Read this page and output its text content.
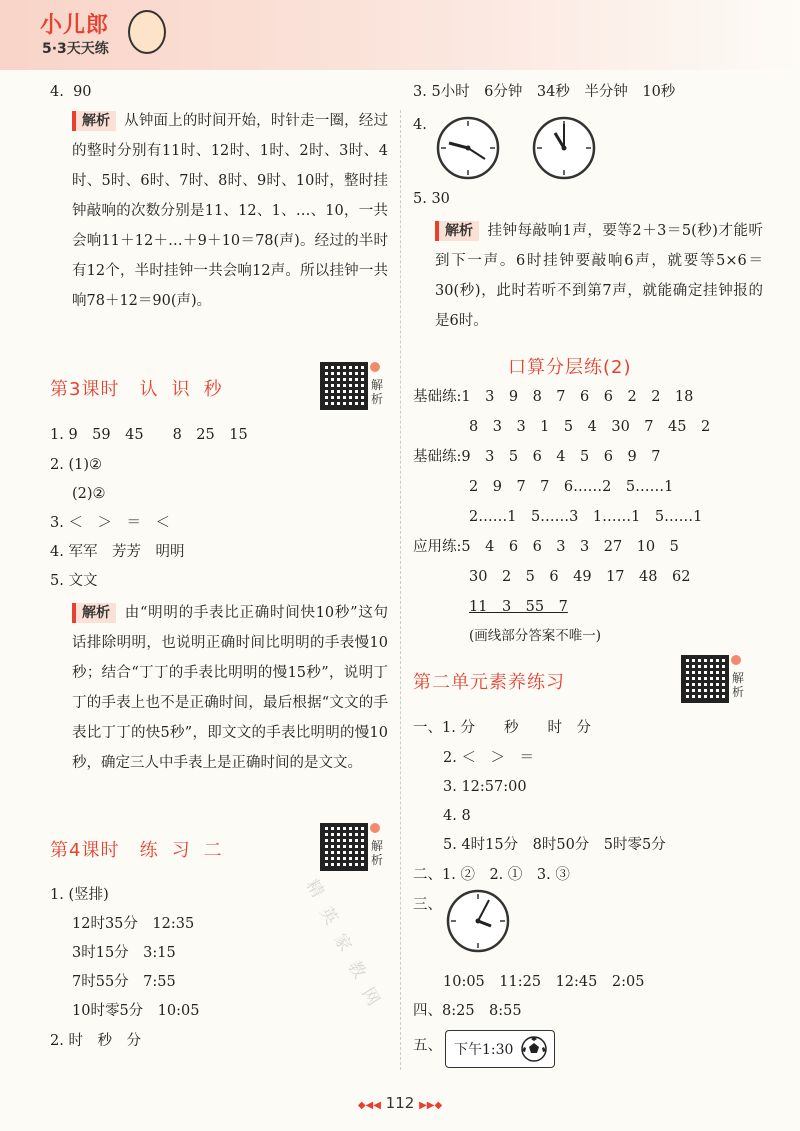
小儿郎
5·3天天练
4. 90
解析 从钟面上的时间开始，时针走一圈，经过的整时分别有11时、12时、1时、2时、3时、4时、5时、6时、7时、8时、9时、10时，整时挂钟敲响的次数分别是11、12、1、…、10，一共会响11＋12＋…＋9＋10＝78(声)。经过的半时有12个，半时挂钟一共会响12声。所以挂钟一共响78＋12＝90(声)。
第3课时 认识秒	解析
1. 9　59　45　　8　25　15
2. (1)②
(2)②
3. ＜　＞　＝　＜
4. 军军　芳芳　明明
5. 文文
解析 由“明明的手表比正确时间快10秒”这句话排除明明，也说明正确时间比明明的手表慢10秒；结合“丁丁的手表比明明的慢15秒”，说明丁丁的手表上也不是正确时间，最后根据“文文的手表比丁丁的快5秒”，即文文的手表比明明的慢10秒，确定三人中手表上是正确时间的是文文。
第4课时 练习二	解析
1. (竖排)
12时35分　12:35
3时15分　3:15
7时55分　7:55
10时零5分　10:05
2. 时　秒　分
3. 5小时　6分钟　34秒　半分钟　10秒
4.
5. 30
解析 挂钟每敲响1声，要等2＋3＝5(秒)才能听到下一声。6时挂钟要敲响6声，就要等5×6＝30(秒)，此时若听不到第7声，就能确定挂钟报的是6时。
口算分层练(2)
基础练:1　3　9　8　7　6　6　2　2　18
8　3　3　1　5　4　30　7　45　2
基础练:9　3　5　6　4　5　6　9　7
2　9　7　7　6……2　5……1
2……1　5……3　1……1　5……1
应用练:5　4　6　6　3　3　27　10　5
30　2　5　6　49　17　48　62
11　3　55　7
(画线部分答案不唯一)
第二单元素养练习	解析
一、1. 分　　秒　　时　分
2. ＜　＞　＝
3. 12:57:00
4. 8
5. 4时15分　8时50分　5时零5分
二、1. ②　2. ①　3. ③
三、
10:05　11:25　12:45　2:05
四、8:25　8:55
五、 下午1:30
精
英
家
教
网
◆◀◀ 112 ▶▶◆
